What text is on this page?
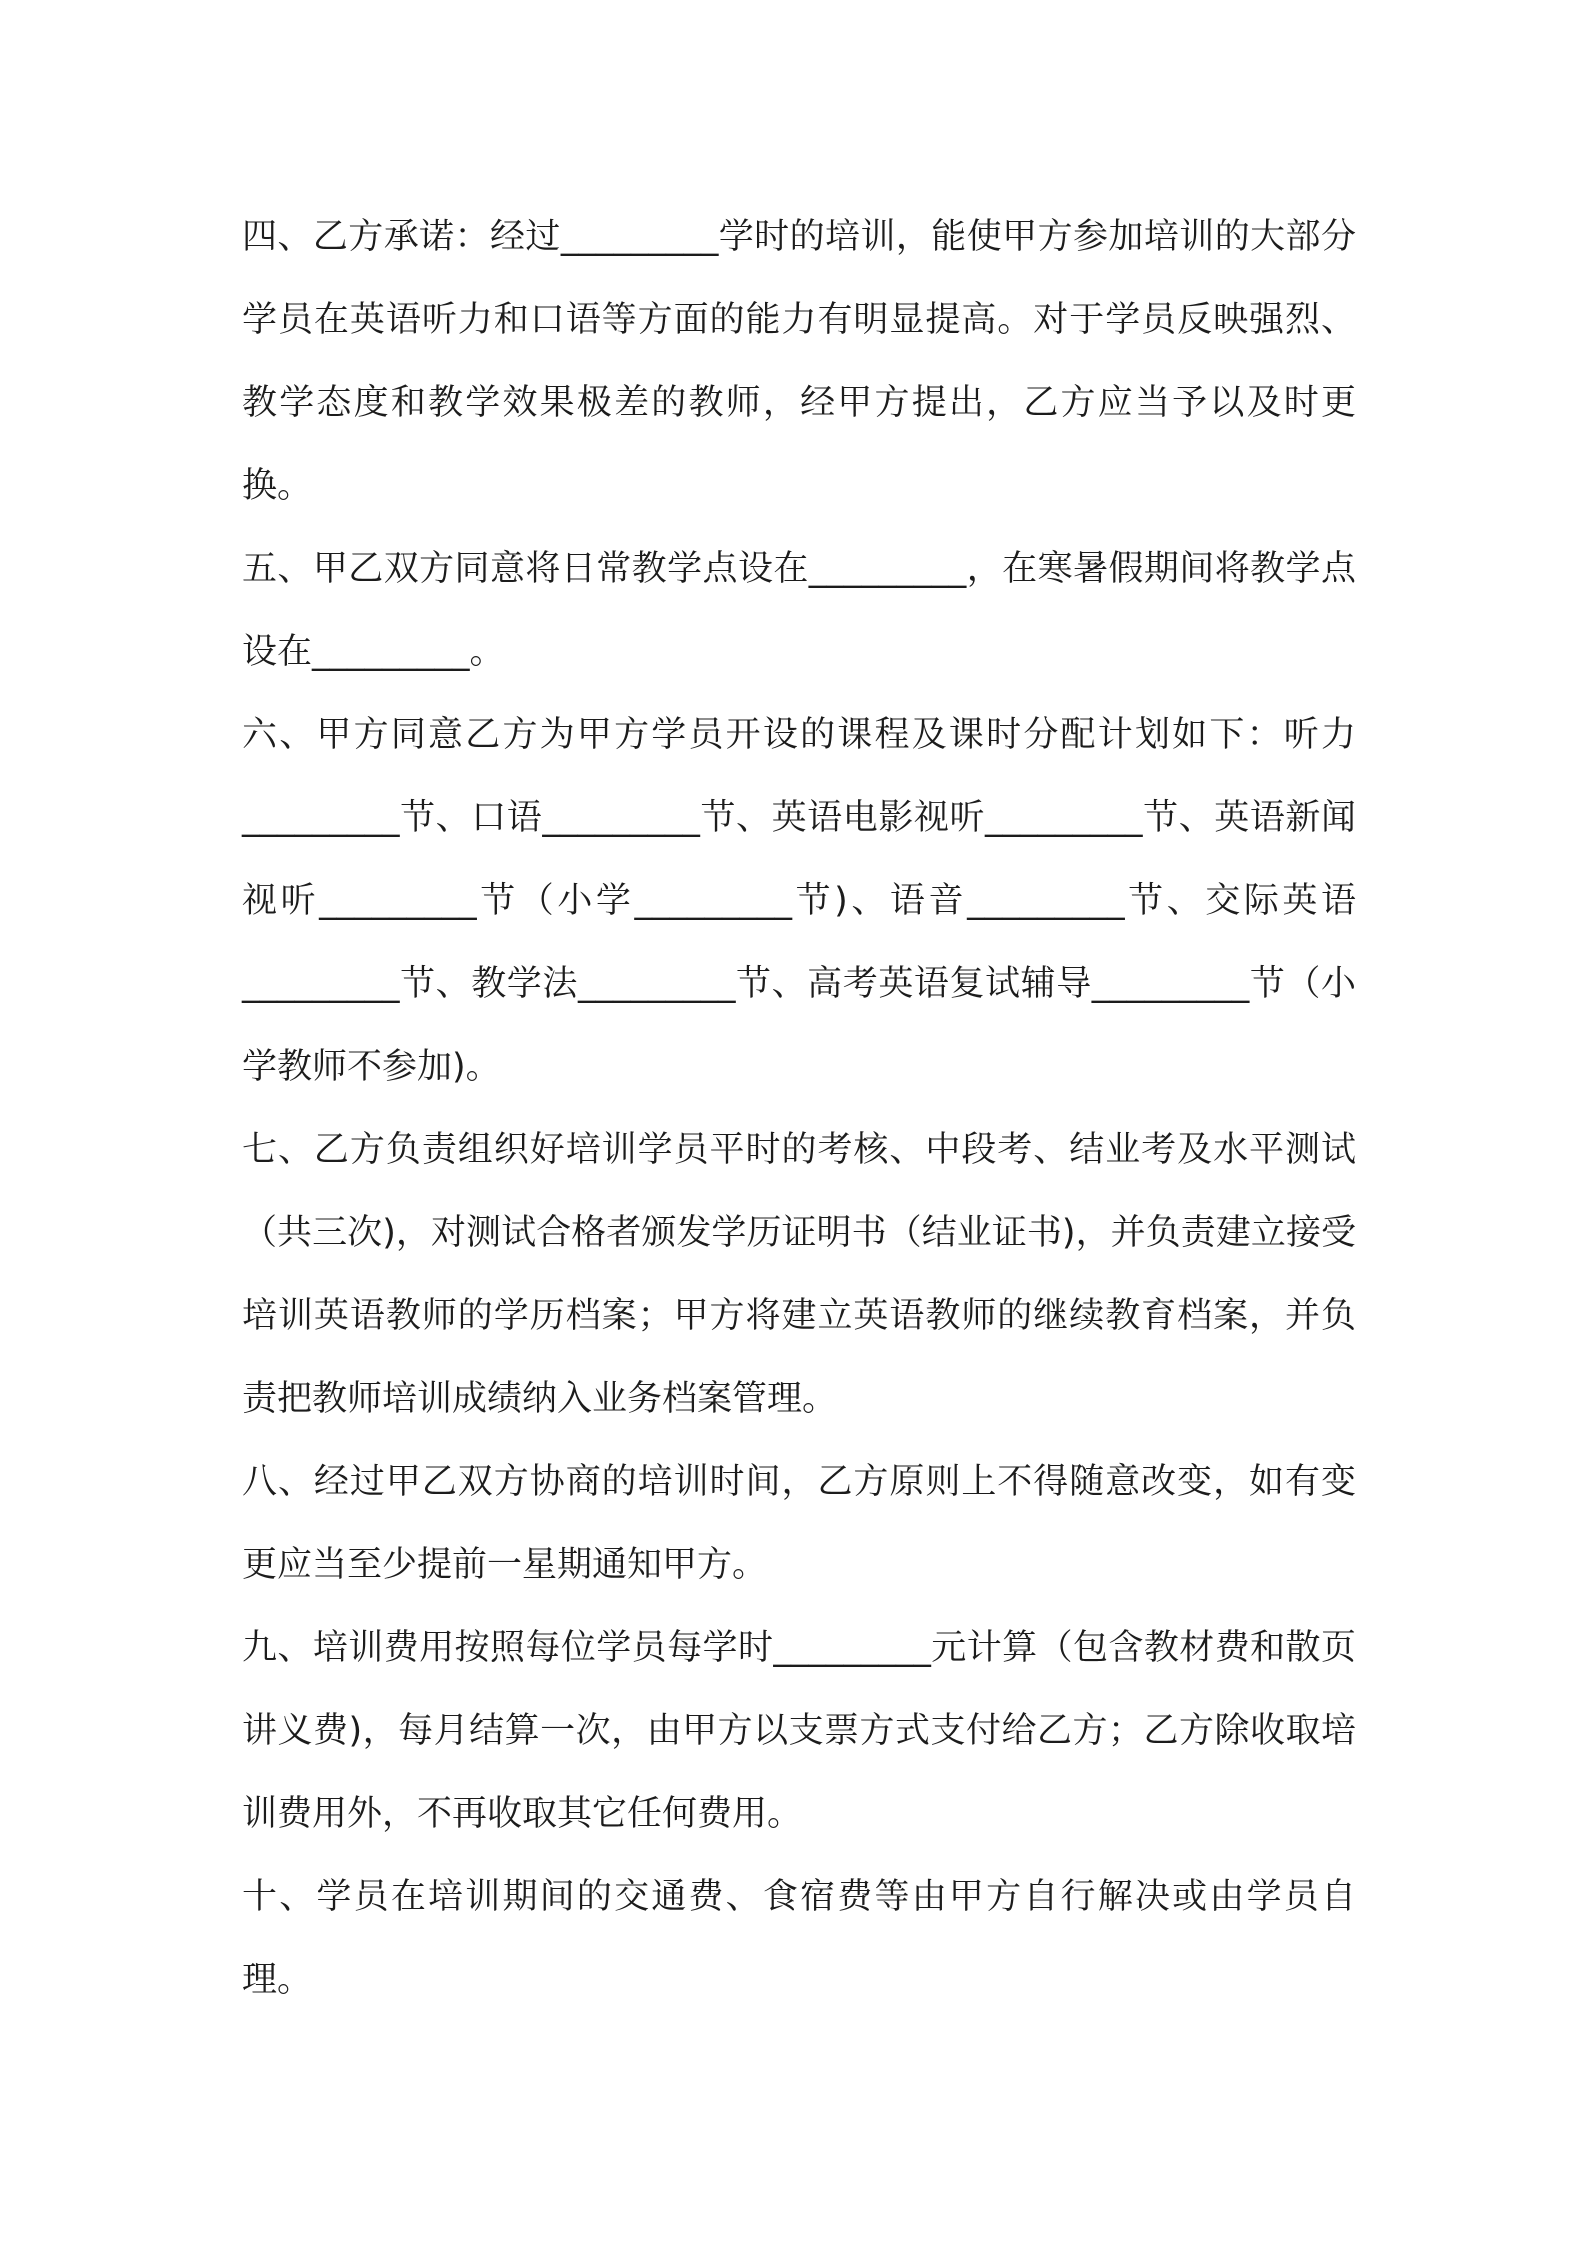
四、乙方承诺：经过_________学时的培训，能使甲方参加培训的大部分学员在英语听力和口语等方面的能力有明显提高。对于学员反映强烈、教学态度和教学效果极差的教师，经甲方提出，乙方应当予以及时更换。

五、甲乙双方同意将日常教学点设在_________，在寒暑假期间将教学点设在_________。

六、甲方同意乙方为甲方学员开设的课程及课时分配计划如下：听力_________节、口语_________节、英语电影视听_________节、英语新闻视听_________节（小学_________节)、语音_________节、交际英语_________节、教学法_________节、高考英语复试辅导_________节（小学教师不参加)。

七、乙方负责组织好培训学员平时的考核、中段考、结业考及水平测试（共三次)，对测试合格者颁发学历证明书（结业证书)，并负责建立接受培训英语教师的学历档案；甲方将建立英语教师的继续教育档案，并负责把教师培训成绩纳入业务档案管理。

八、经过甲乙双方协商的培训时间，乙方原则上不得随意改变，如有变更应当至少提前一星期通知甲方。

九、培训费用按照每位学员每学时_________元计算（包含教材费和散页讲义费)，每月结算一次，由甲方以支票方式支付给乙方；乙方除收取培训费用外，不再收取其它任何费用。

十、学员在培训期间的交通费、食宿费等由甲方自行解决或由学员自理。
